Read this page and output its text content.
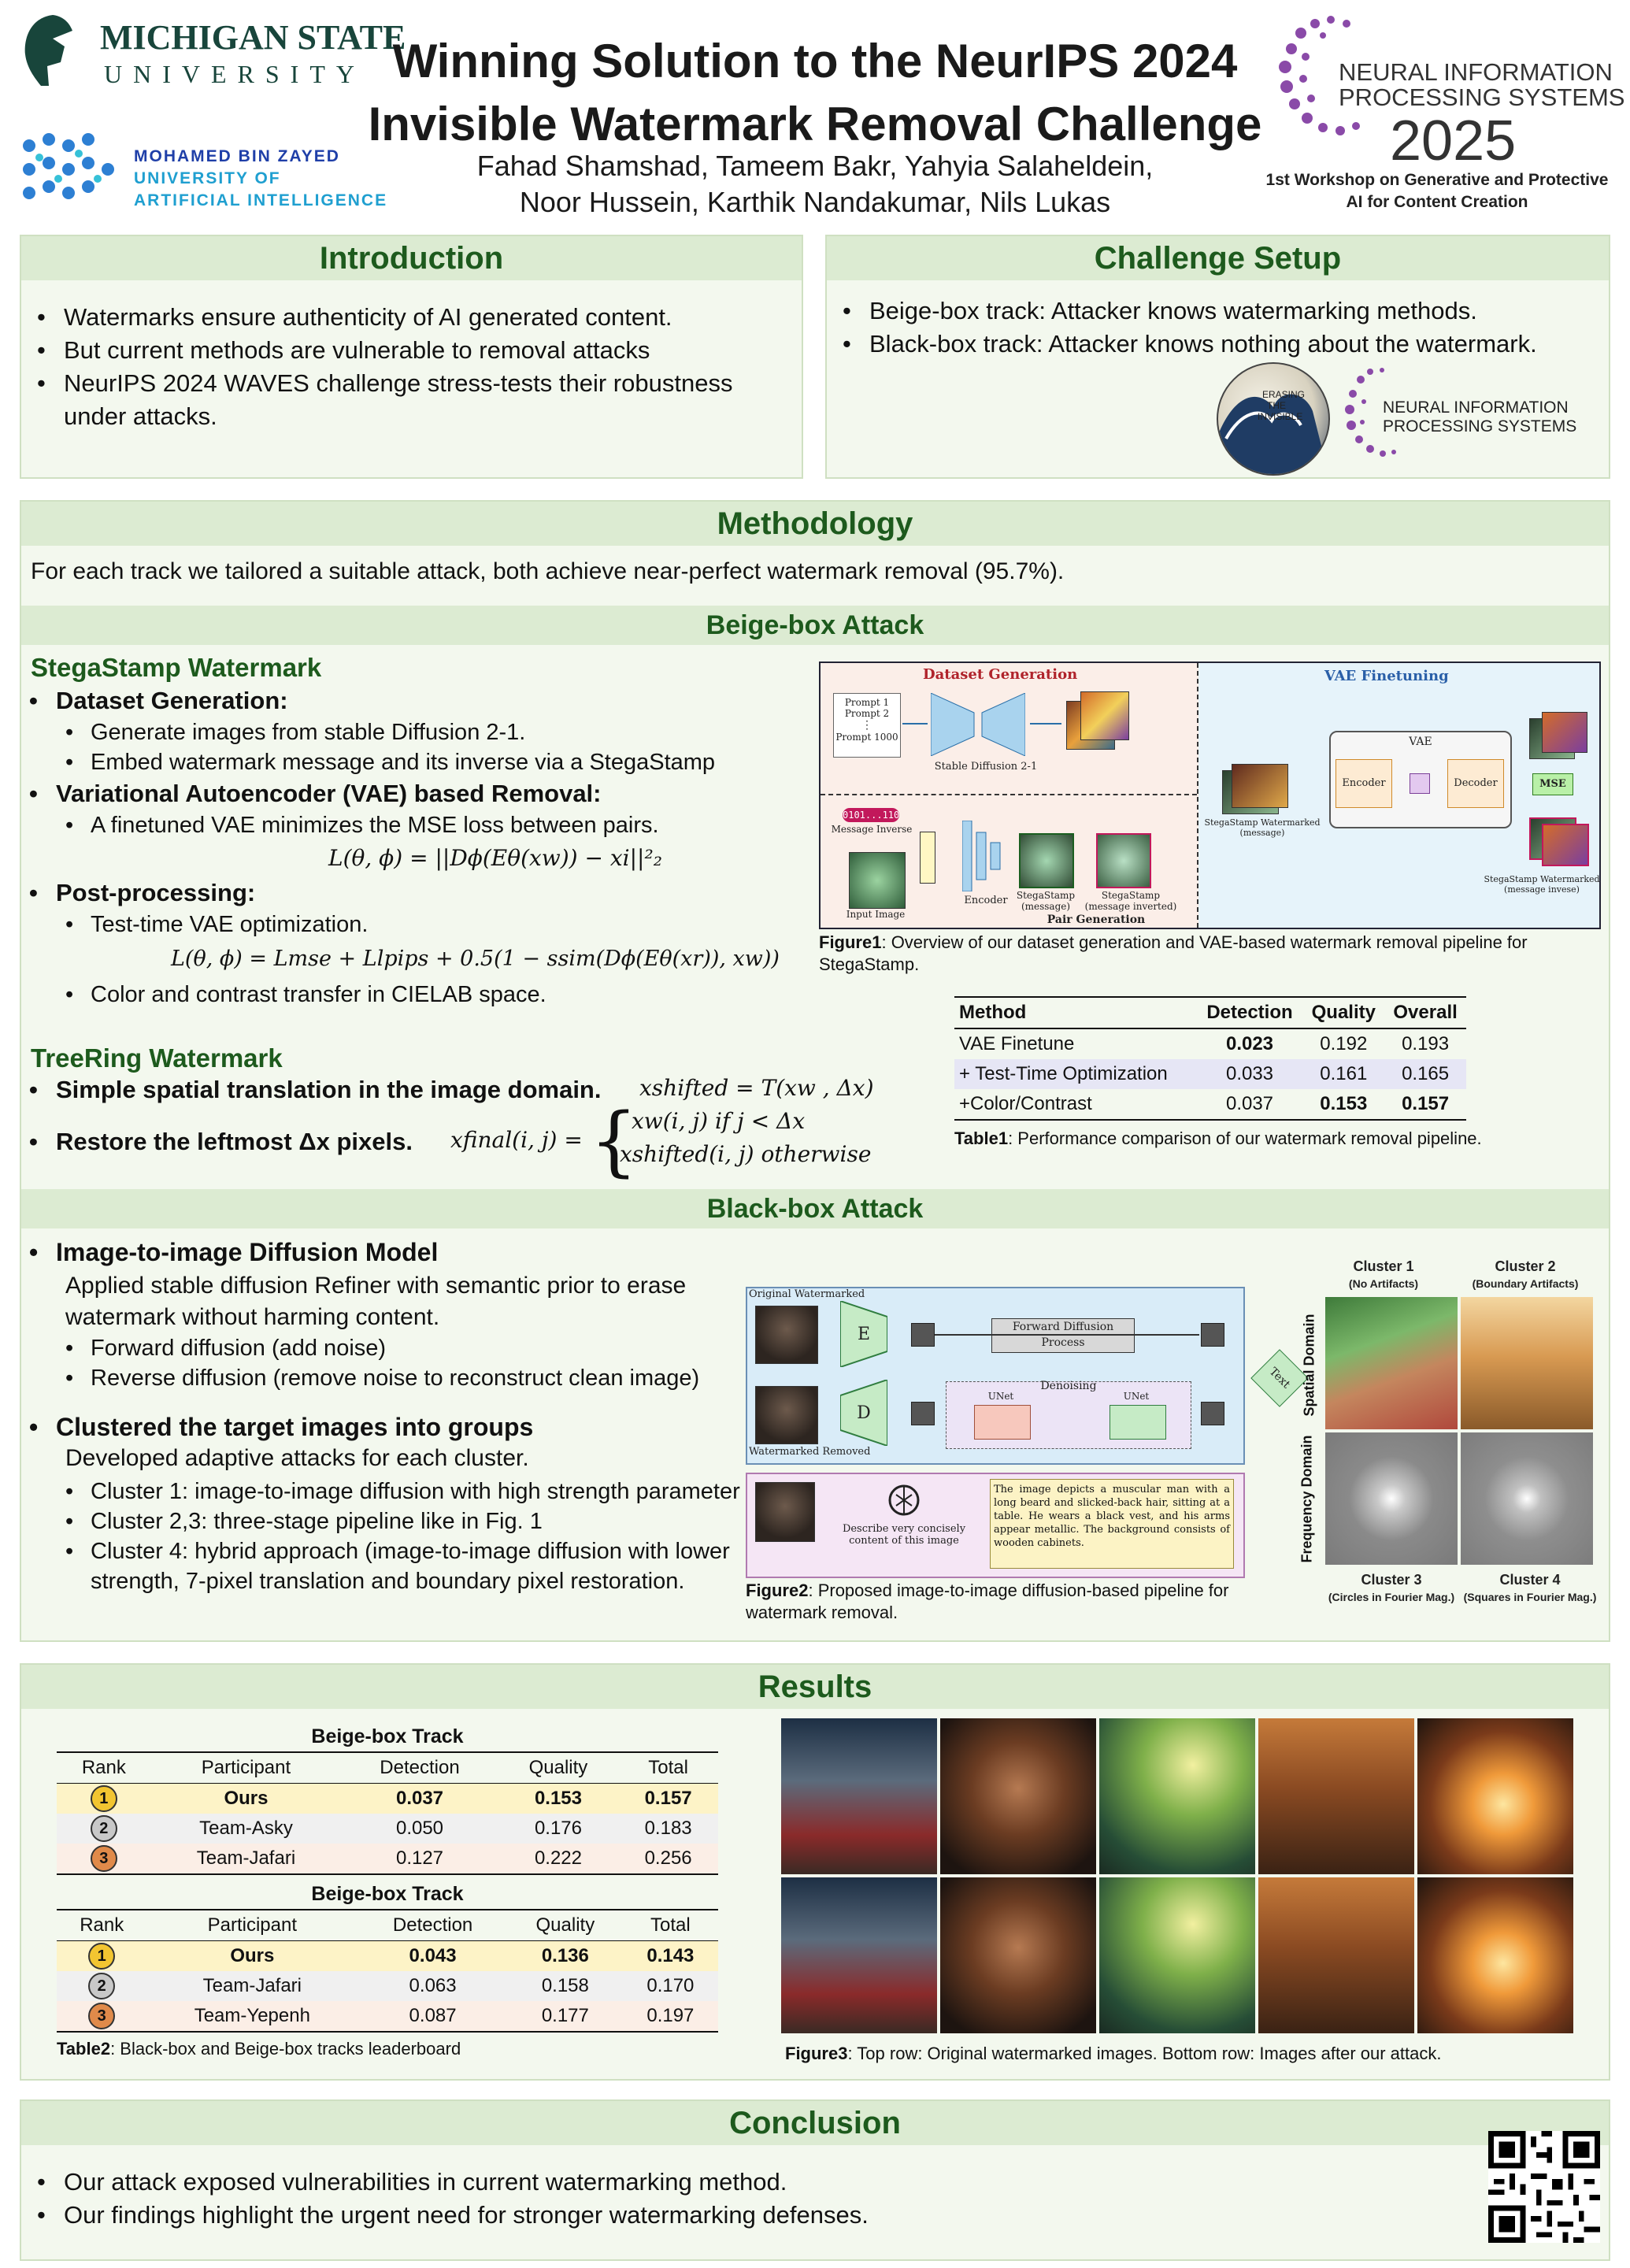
MICHIGAN STATE
UNIVERSITY
MOHAMED BIN ZAYED
UNIVERSITY OF
ARTIFICIAL INTELLIGENCE
Winning Solution to the NeurIPS 2024
Invisible Watermark Removal Challenge
Fahad Shamshad, Tameem Bakr, Yahyia Salaheldein,
Noor Hussein, Karthik Nandakumar, Nils Lukas
NEURAL INFORMATION
PROCESSING SYSTEMS
2025
1st Workshop on Generative and Protective
AI for Content Creation
Introduction
• Watermarks ensure authenticity of AI generated content.
• But current methods are vulnerable to removal attacks
• NeurIPS 2024 WAVES challenge stress-tests their robustness under attacks.
Challenge Setup
• Beige-box track: Attacker knows watermarking methods.
• Black-box track: Attacker knows nothing about the watermark.
ERASING
THE
INVISIBLE	NEURAL INFORMATION
PROCESSING SYSTEMS
Methodology
For each track we tailored a suitable attack, both achieve near-perfect watermark removal (95.7%).
Beige-box Attack
StegaStamp Watermark
• Dataset Generation:
• Generate images from stable Diffusion 2-1.
• Embed watermark message and its inverse via a StegaStamp
• Variational Autoencoder (VAE) based Removal:
• A finetuned VAE minimizes the MSE loss between pairs.
L(θ, ϕ) = ||Dϕ(Eθ(xw)) − xi||²₂
• Post-processing:
• Test-time VAE optimization.
L(θ, ϕ) = Lmse + Llpips + 0.5(1 − ssim(Dϕ(Eθ(xr)), xw))
• Color and contrast transfer in CIELAB space.
TreeRing Watermark
• Simple spatial translation in the image domain.	xshifted = T(xw , Δx)
• Restore the leftmost Δx pixels.	xfinal(i, j) = {
xw(i, j) if j < Δx
xshifted(i, j) otherwise
Dataset Generation	VAE Finetuning
Prompt 1
Prompt 2
⋮
Prompt 1000
Stable Diffusion 2-1
0101...110
Message Inverse
Input Image
Encoder StegaStamp (message)
StegaStamp (message inverted)
Pair Generation
VAE
Encoder	Decoder
StegaStamp Watermarked (message)
MSE
StegaStamp Watermarked (message invese)
Figure1: Overview of our dataset generation and VAE-based watermark removal pipeline for StegaStamp.
Method	Detection	Quality	Overall
VAE Finetune	0.023	0.192	0.193
+ Test-Time Optimization	0.033	0.161	0.165
+Color/Contrast	0.037	0.153	0.157
Table1: Performance comparison of our watermark removal pipeline.
Black-box Attack
• Image-to-image Diffusion Model
Applied stable diffusion Refiner with semantic prior to erase watermark without harming content.
• Forward diffusion (add noise)
• Reverse diffusion (remove noise to reconstruct clean image)
• Clustered the target images into groups
Developed adaptive attacks for each cluster.
• Cluster 1: image-to-image diffusion with high strength parameter
• Cluster 2,3: three-stage pipeline like in Fig. 1
• Cluster 4: hybrid approach (image-to-image diffusion with lower strength, 7-pixel translation and boundary pixel restoration.
Original Watermarked
E	Forward Diffusion Process
Watermarked Removed
D
Denoising
UNet	UNet
Text
Describe very concisely content of this image
The image depicts a muscular man with a long beard and slicked-back hair, sitting at a table. He wears a black vest, and his arms appear metallic. The background consists of wooden cabinets.
Figure2: Proposed image-to-image diffusion-based pipeline for watermark removal.
Cluster 1
(No Artifacts)
Cluster 2
(Boundary Artifacts)
Spatial Domain
Frequency Domain
Cluster 3
(Circles in Fourier Mag.)
Cluster 4
(Squares in Fourier Mag.)
Results
Beige-box Track				
Rank	Participant	Detection	Quality	Total
1	Ours	0.037	0.153	0.157
2	Team-Asky	0.050	0.176	0.183
3	Team-Jafari	0.127	0.222	0.256
Beige-box Track				
Rank	Participant	Detection	Quality	Total
1	Ours	0.043	0.136	0.143
2	Team-Jafari	0.063	0.158	0.170
3	Team-Yepenh	0.087	0.177	0.197
Table2: Black-box and Beige-box tracks leaderboard	Figure3: Top row: Original watermarked images. Bottom row: Images after our attack.
Conclusion
• Our attack exposed vulnerabilities in current watermarking method.
• Our findings highlight the urgent need for stronger watermarking defenses.
